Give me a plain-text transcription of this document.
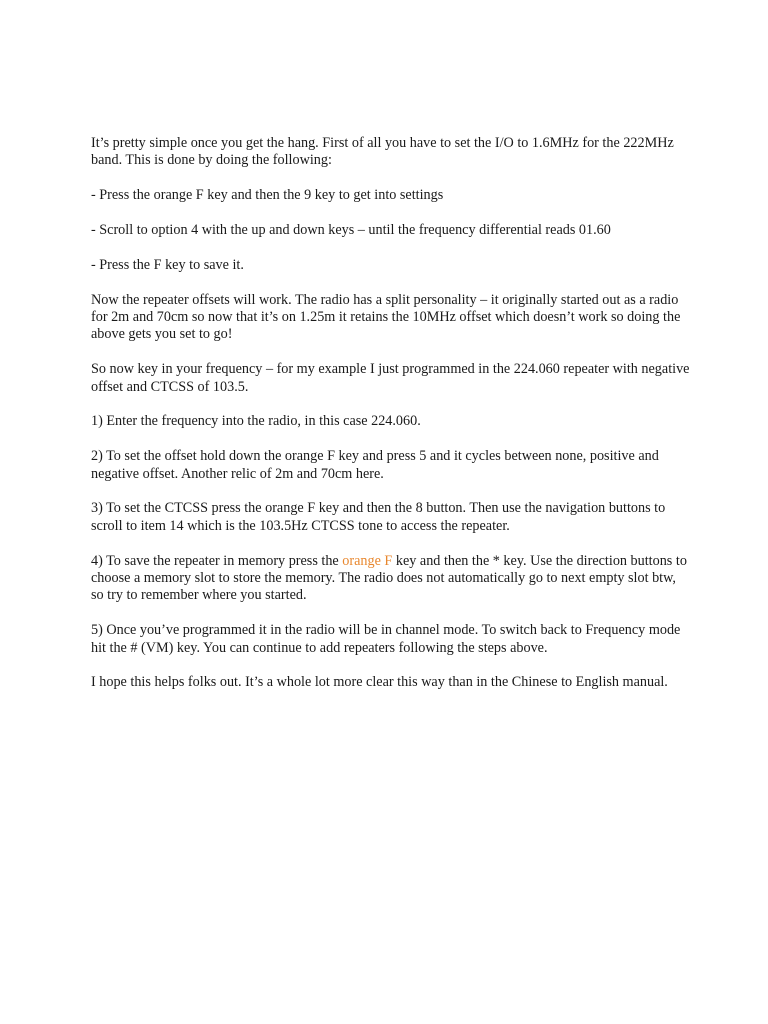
It’s pretty simple once you get the hang. First of all you have to set the I/O to 1.6MHz for the 222MHz band. This is done by doing the following:

- Press the orange F key and then the 9 key to get into settings

- Scroll to option 4 with the up and down keys – until the frequency differential reads 01.60

- Press the F key to save it.

Now the repeater offsets will work. The radio has a split personality – it originally started out as a radio for 2m and 70cm so now that it’s on 1.25m it retains the 10MHz offset which doesn’t work so doing the above gets you set to go!

So now key in your frequency – for my example I just programmed in the 224.060 repeater with negative offset and CTCSS of 103.5.

1) Enter the frequency into the radio, in this case 224.060.

2) To set the offset hold down the orange F key and press 5 and it cycles between none, positive and negative offset. Another relic of 2m and 70cm here.

3) To set the CTCSS press the orange F key and then the 8 button. Then use the navigation buttons to scroll to item 14 which is the 103.5Hz CTCSS tone to access the repeater.

4) To save the repeater in memory press the orange F key and then the * key. Use the direction buttons to choose a memory slot to store the memory. The radio does not automatically go to next empty slot btw, so try to remember where you started.

5) Once you’ve programmed it in the radio will be in channel mode. To switch back to Frequency mode hit the # (VM) key. You can continue to add repeaters following the steps above.

I hope this helps folks out. It’s a whole lot more clear this way than in the Chinese to English manual.
